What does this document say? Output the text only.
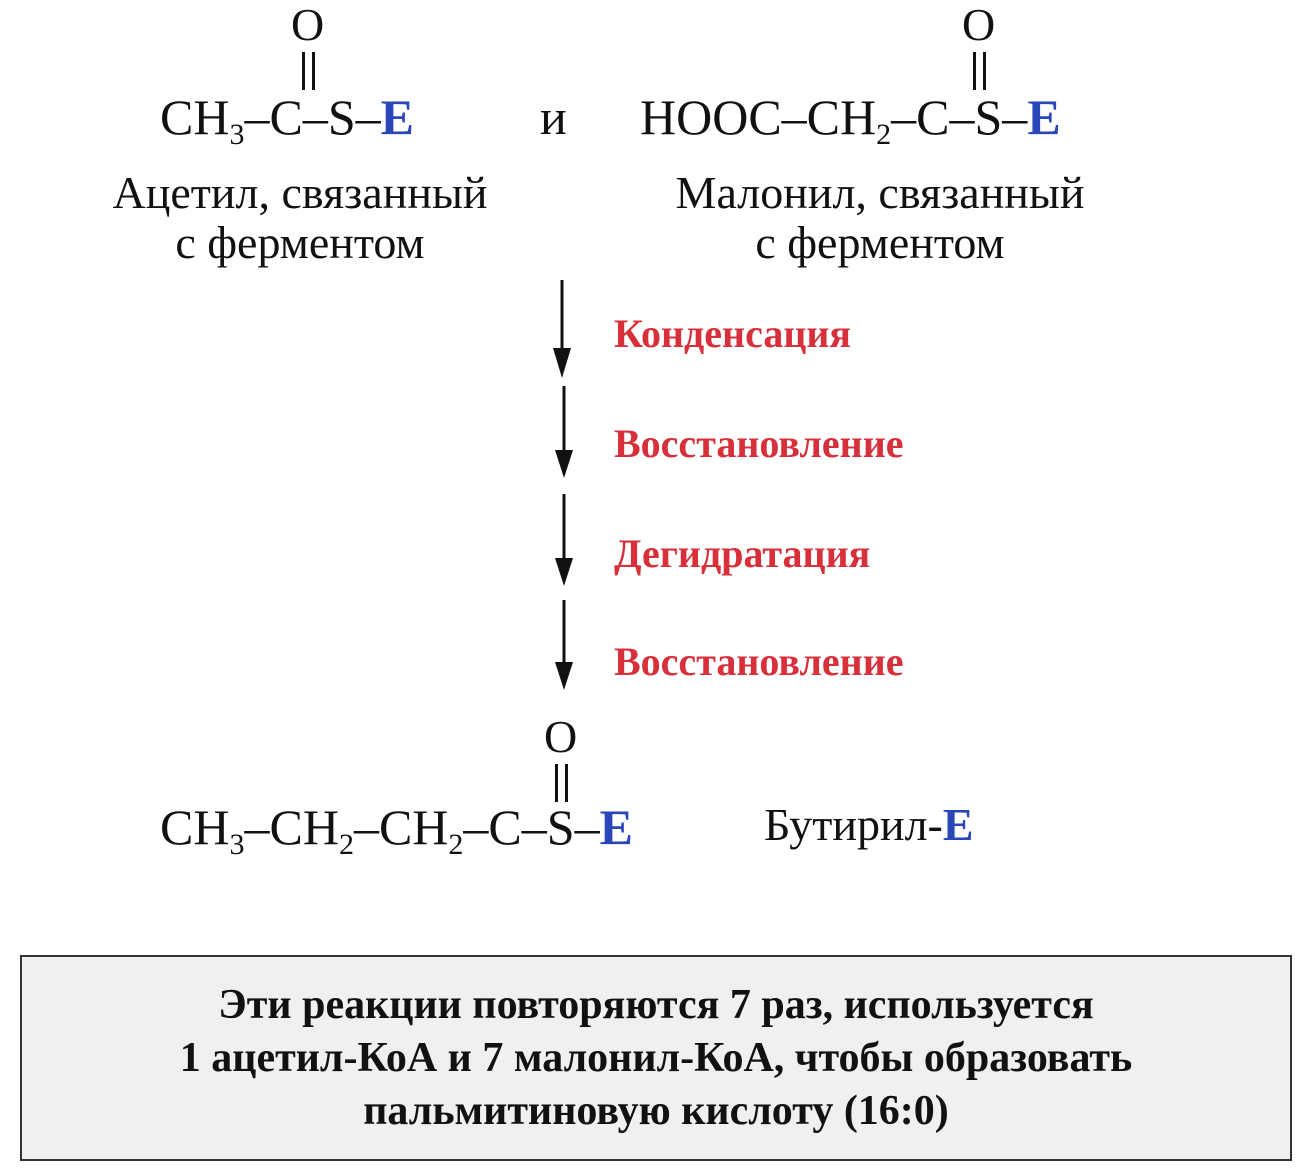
O
$CH_3-C-S-E$
Ацетил, связанный
с ферментом
и
O
HOOC–$CH_2-C-S-E$
Малонил, связанный
с ферментом
Конденсация
Восстановление
Дегидратация
Восстановление
O
$CH_3-CH_2-CH_2-C-S-E$	Бутирил-E
Эти реакции повторяются 7 раз, используется
1 ацетил-КоА и 7 малонил-КоА, чтобы образовать
пальмитиновую кислоту (16:0)
